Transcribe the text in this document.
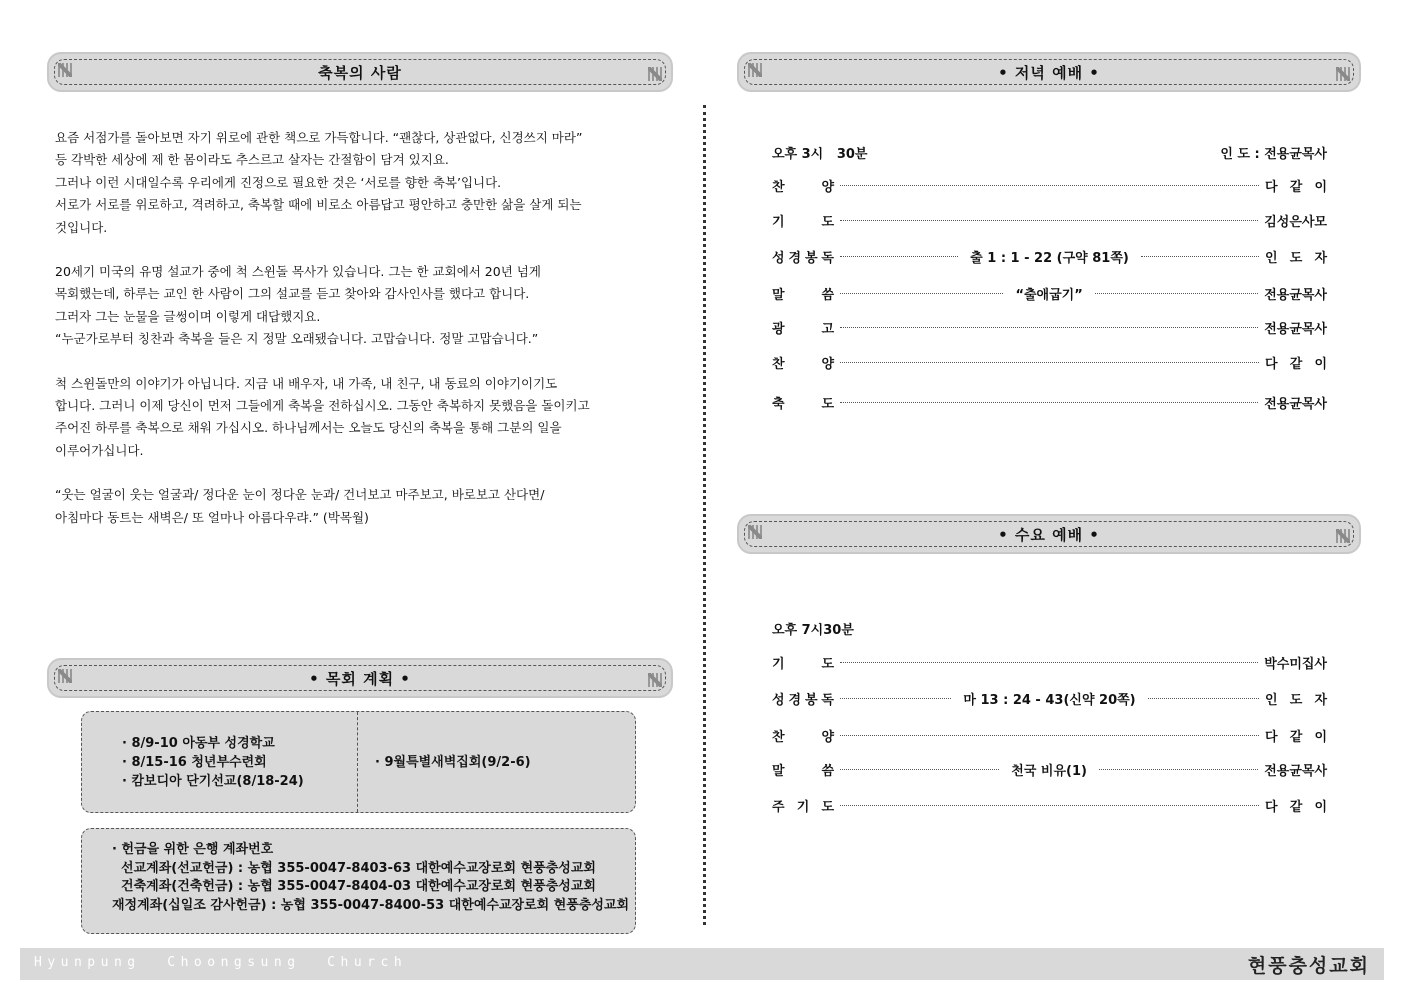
축복의 사람

요즘 서점가를 돌아보면 자기 위로에 관한 책으로 가득합니다. “괜찮다, 상관없다, 신경쓰지 마라”
등 각박한 세상에 제 한 몸이라도 추스르고 살자는 간절함이 담겨 있지요.
그러나 이런 시대일수록 우리에게 진정으로 필요한 것은 ‘서로를 향한 축복’입니다.
서로가 서로를 위로하고, 격려하고, 축복할 때에 비로소 아름답고 평안하고 충만한 삶을 살게 되는
것입니다.

20세기 미국의 유명 설교가 중에 척 스윈돌 목사가 있습니다. 그는 한 교회에서 20년 넘게
목회했는데, 하루는 교인 한 사람이 그의 설교를 듣고 찾아와 감사인사를 했다고 합니다.
그러자 그는 눈물을 글썽이며 이렇게 대답했지요.
“누군가로부터 칭찬과 축복을 들은 지 정말 오래됐습니다. 고맙습니다. 정말 고맙습니다.”

척 스윈돌만의 이야기가 아닙니다. 지금 내 배우자, 내 가족, 내 친구, 내 동료의 이야기이기도
합니다. 그러니 이제 당신이 먼저 그들에게 축복을 전하십시오. 그동안 축복하지 못했음을 돌이키고
주어진 하루를 축복으로 채워 가십시오. 하나님께서는 오늘도 당신의 축복을 통해 그분의 일을
이루어가십니다.

“웃는 얼굴이 웃는 얼굴과/ 정다운 눈이 정다운 눈과/ 건너보고 마주보고, 바로보고 산다면/
아침마다 동트는 새벽은/ 또 얼마나 아름다우랴.” (박목월)

• 목회 계획 •
· 8/9-10 아동부 성경학교
· 8/15-16 청년부수련회
· 캄보디아 단기선교(8/18-24)
· 9월특별새벽집회(9/2-6)
· 헌금을 위한 은행 계좌번호
선교계좌(선교헌금) : 농협 355-0047-8403-63 대한예수교장로회 현풍충성교회
건축계좌(건축헌금) : 농협 355-0047-8404-03 대한예수교장로회 현풍충성교회
재정계좌(십일조 감사헌금) : 농협 355-0047-8400-53 대한예수교장로회 현풍충성교회
• 저녁 예배 •
오후 3시   30분	인 도 : 전용균목사
찬	양	다 같 이
기	도	김성은사모
성 경 봉 독	출 1 : 1 - 22 (구약 81쪽)	인 도 자
말	씀	“출애굽기”	전용균목사
광	고	전용균목사
찬	양	다 같 이
축	도	전용균목사
• 수요 예배 •
오후 7시30분
기	도	박수미집사
성 경 봉 독	마 13 : 24 - 43(신약 20쪽)	인 도 자
찬	양	다 같 이
말	씀	천국 비유(1)	전용균목사
주 기 도	다 같 이
Hyunpung  Choongsung  Church	현풍충성교회
